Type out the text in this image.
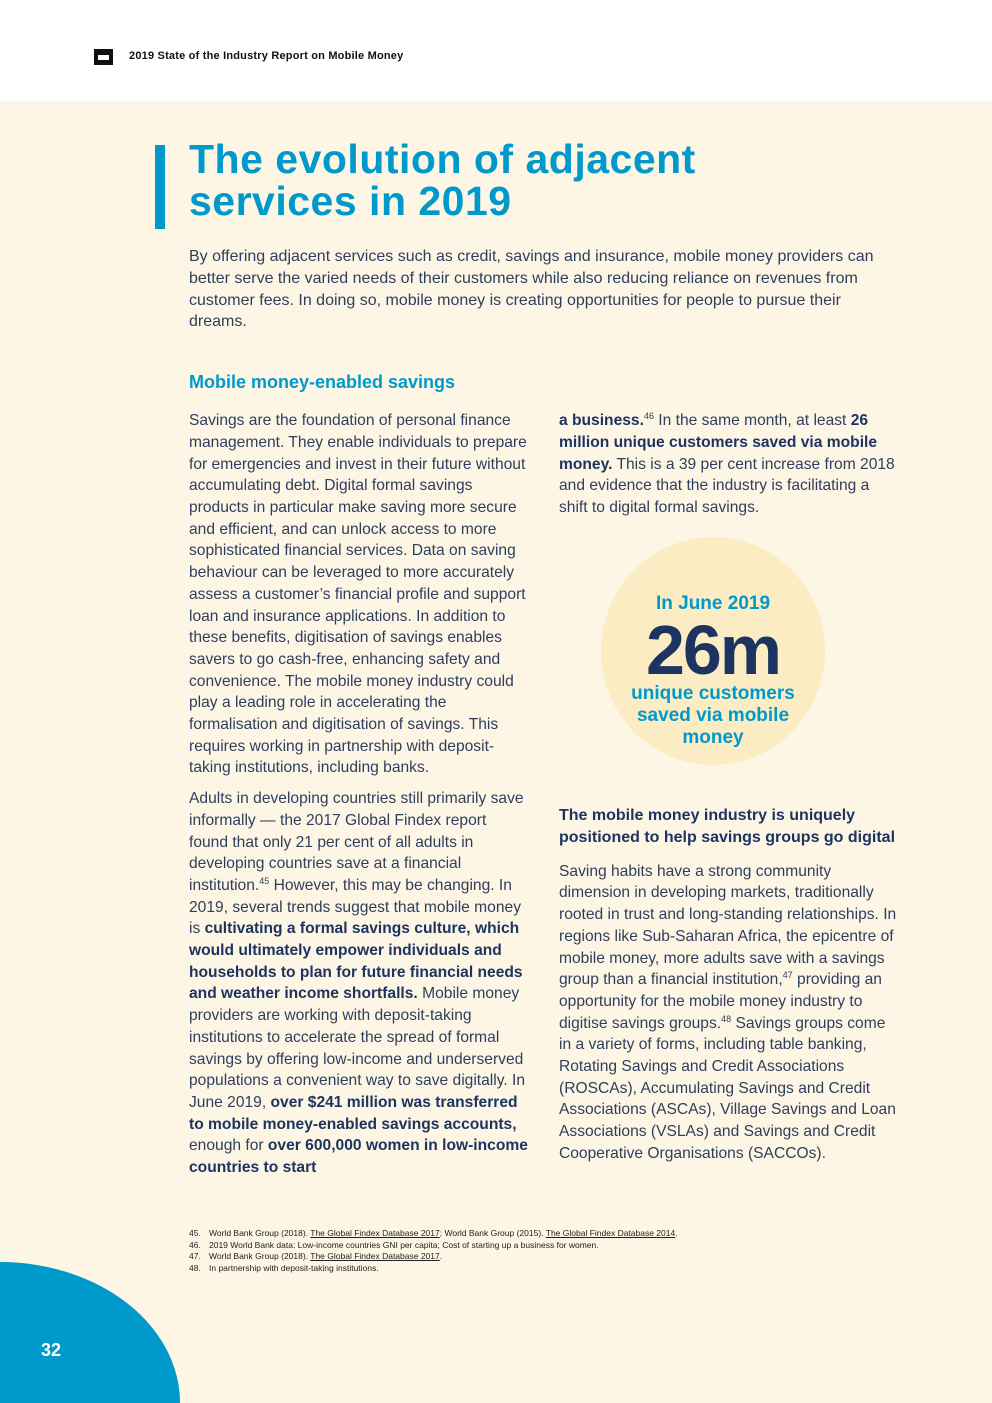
2019 State of the Industry Report on Mobile Money
The evolution of adjacent services in 2019
By offering adjacent services such as credit, savings and insurance, mobile money providers can better serve the varied needs of their customers while also reducing reliance on revenues from customer fees. In doing so, mobile money is creating opportunities for people to pursue their dreams.
Mobile money-enabled savings

Savings are the foundation of personal finance management. They enable individuals to prepare for emergencies and invest in their future without accumulating debt. Digital formal savings products in particular make saving more secure and efficient, and can unlock access to more sophisticated financial services. Data on saving behaviour can be leveraged to more accurately assess a customer’s financial profile and support loan and insurance applications. In addition to these benefits, digitisation of savings enables savers to go cash-free, enhancing safety and convenience. The mobile money industry could play a leading role in accelerating the formalisation and digitisation of savings. This requires working in partnership with deposit-taking institutions, including banks.

Adults in developing countries still primarily save informally — the 2017 Global Findex report found that only 21 per cent of all adults in developing countries save at a financial institution.$^{45}$ However, this may be changing. In 2019, several trends suggest that mobile money is cultivating a formal savings culture, which would ultimately empower individuals and households to plan for future financial needs and weather income shortfalls. Mobile money providers are working with deposit-taking institutions to accelerate the spread of formal savings by offering low-income and underserved populations a convenient way to save digitally. In June 2019, over $241 million was transferred to mobile money-enabled savings accounts, enough for over 600,000 women in low-income countries to start

a business.$^{46}$ In the same month, at least 26 million unique customers saved via mobile money. This is a 39 per cent increase from 2018 and evidence that the industry is facilitating a shift to digital formal savings.

In June 2019
26m
unique customers saved via mobile money
The mobile money industry is uniquely positioned to help savings groups go digital

Saving habits have a strong community dimension in developing markets, traditionally rooted in trust and long-standing relationships. In regions like Sub-Saharan Africa, the epicentre of mobile money, more adults save with a savings group than a financial institution,$^{47}$ providing an opportunity for the mobile money industry to digitise savings groups.$^{48}$ Savings groups come in a variety of forms, including table banking, Rotating Savings and Credit Associations (ROSCAs), Accumulating Savings and Credit Associations (ASCAs), Village Savings and Loan Associations (VSLAs) and Savings and Credit Cooperative Organisations (SACCOs).

45. World Bank Group (2018). The Global Findex Database 2017; World Bank Group (2015). The Global Findex Database 2014.
46. 2019 World Bank data: Low-income countries GNI per capita; Cost of starting up a business for women.
47. World Bank Group (2018). The Global Findex Database 2017.
48. In partnership with deposit-taking institutions.
32
